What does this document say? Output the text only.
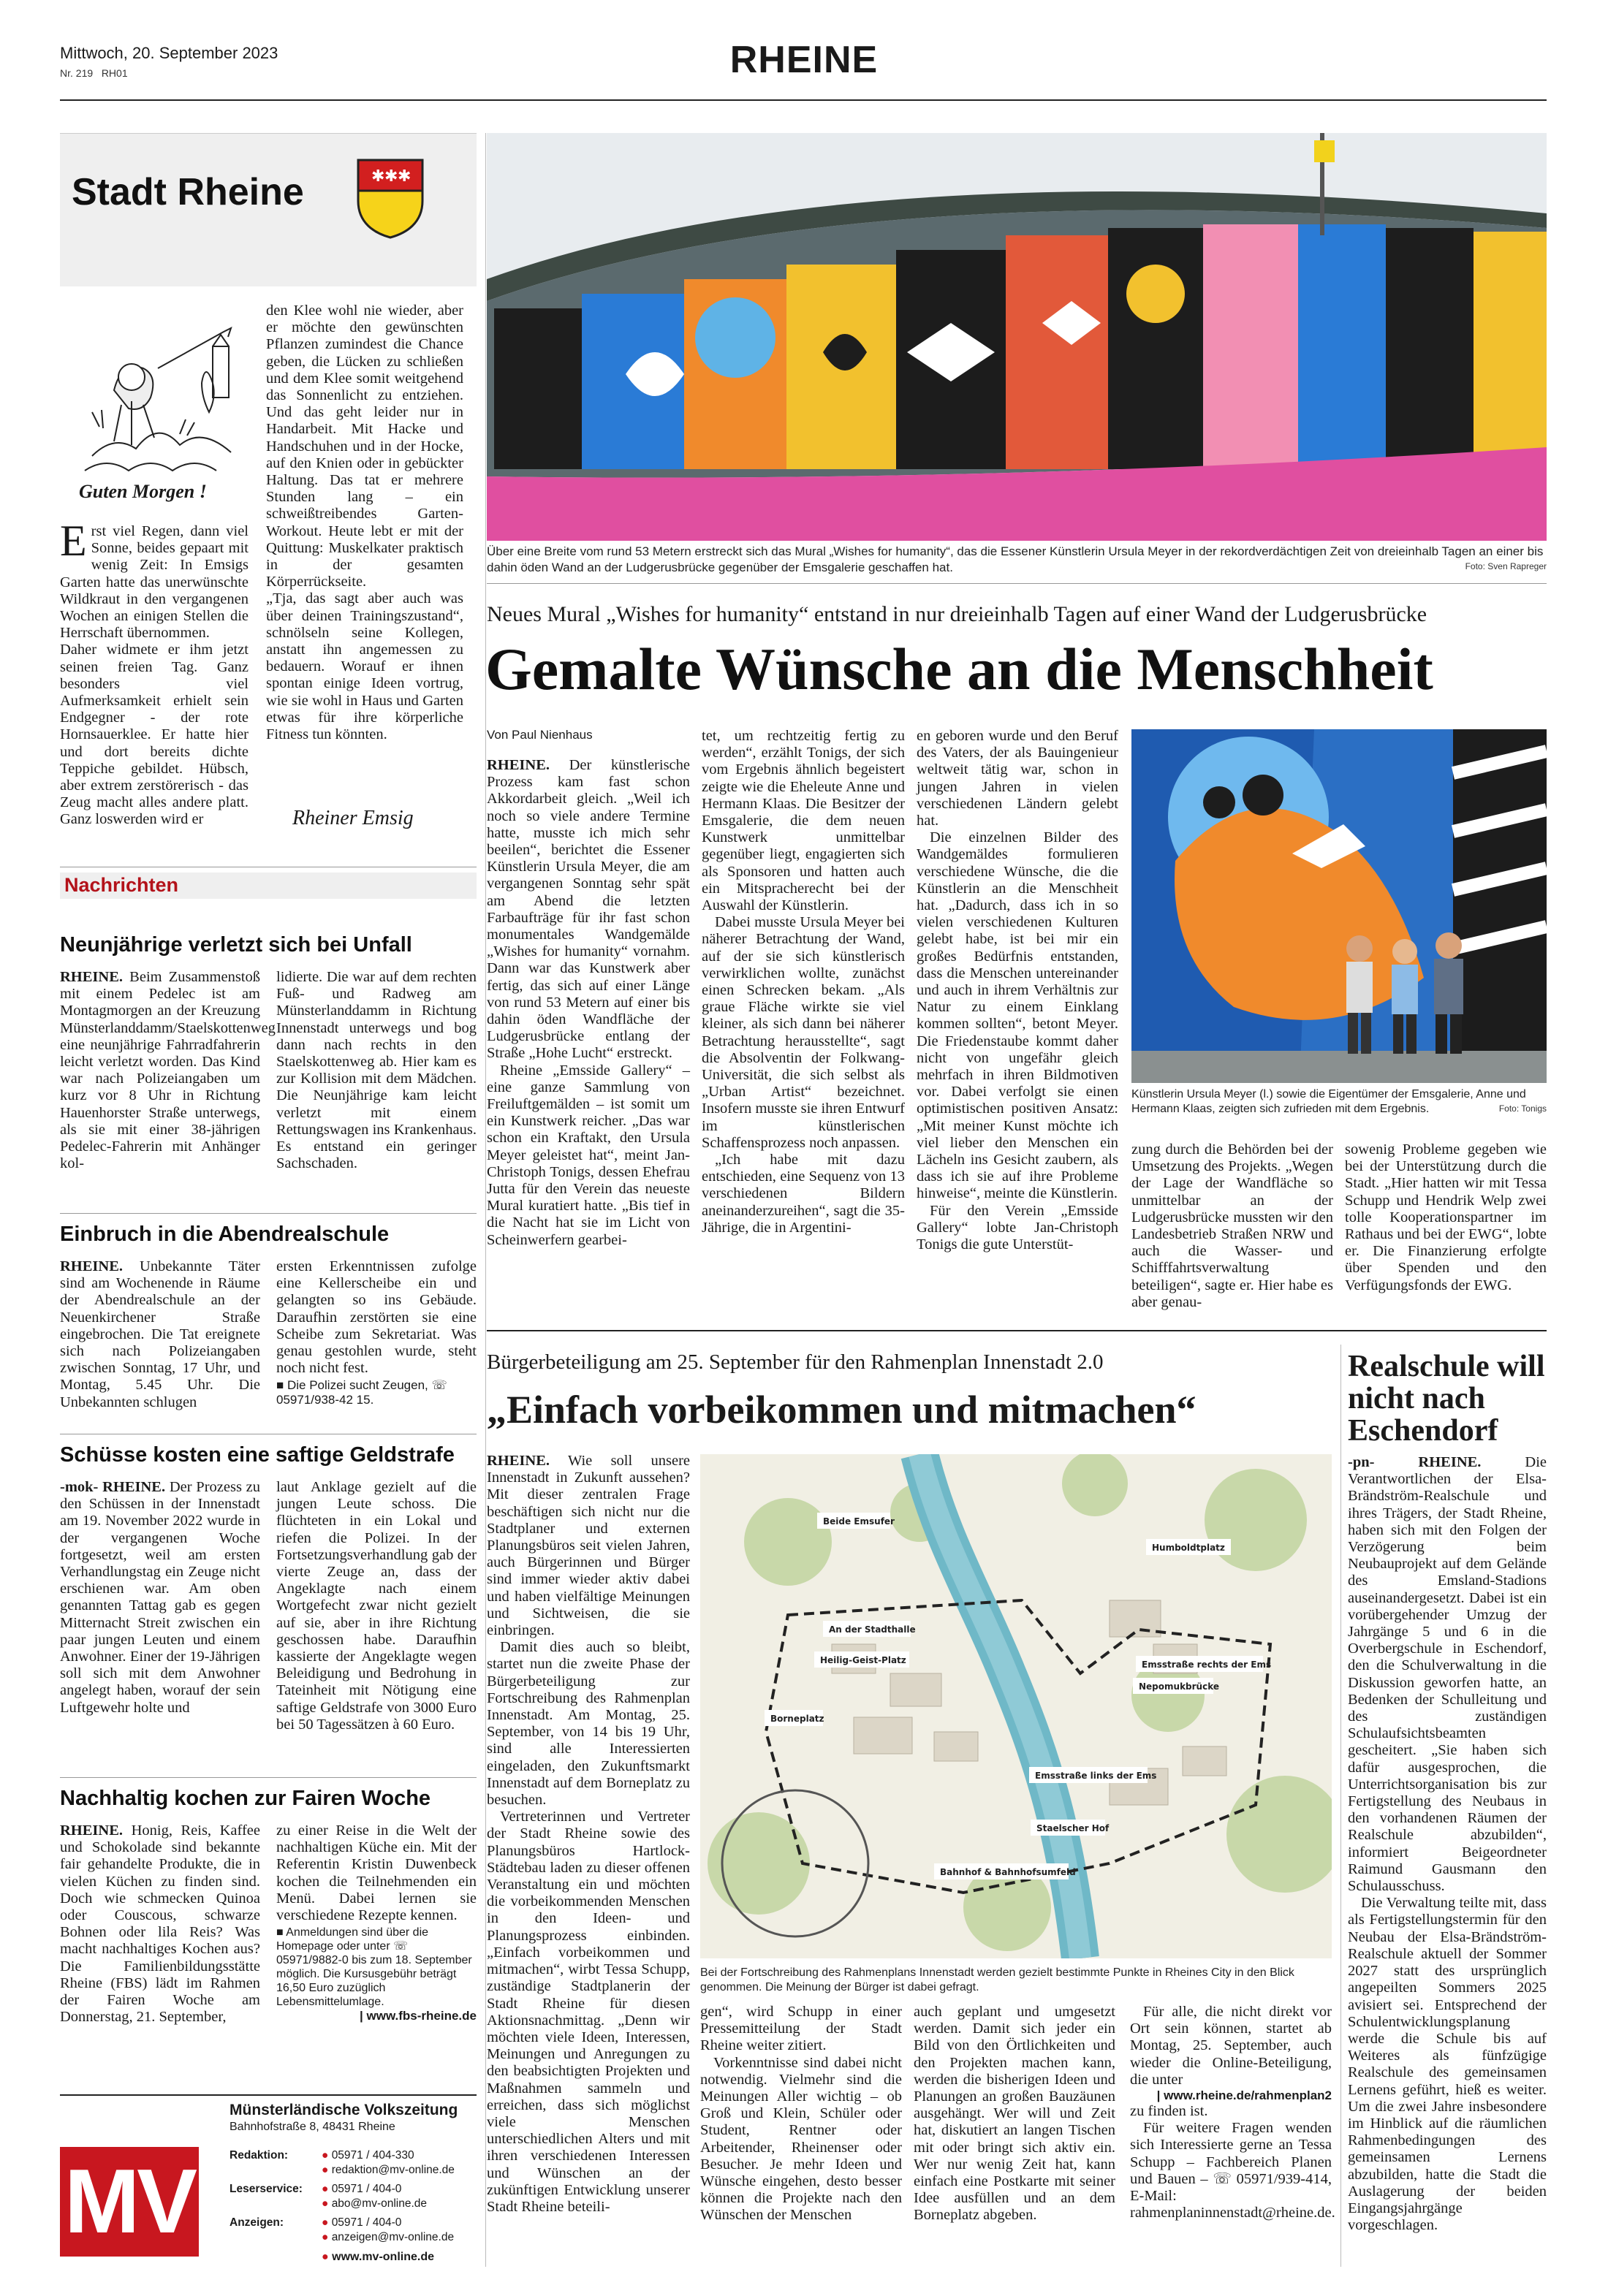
Mittwoch, 20. September 2023
Nr. 219 RH01	RHEINE
Stadt Rheine	✱ ✱ ✱
Guten Morgen !

Erst viel Regen, dann viel Sonne, beides gepaart mit wenig Zeit: In Emsigs Garten hatte das unerwünschte Wildkraut in den vergangenen Wochen an einigen Stellen die Herrschaft übernommen.

Daher widmete er ihm jetzt seinen freien Tag. Ganz besonders viel Aufmerksamkeit erhielt sein Endgegner - der rote Hornsauerklee. Er hatte hier und dort bereits dichte Teppiche gebildet. Hübsch, aber extrem zerstörerisch - das Zeug macht alles andere platt. Ganz loswerden wird er

den Klee wohl nie wieder, aber er möchte den gewünschten Pflanzen zumindest die Chance geben, die Lücken zu schließen und dem Klee somit weitgehend das Sonnenlicht zu entziehen. Und das geht leider nur in Handarbeit. Mit Hacke und Handschuhen und in der Hocke, auf den Knien oder in gebückter Haltung. Das tat er mehrere Stunden lang – ein schweißtreibendes Garten-Workout. Heute lebt er mit der Quittung: Muskelkater praktisch in der gesamten Körperrückseite.

„Tja, das sagt aber auch was über deinen Trainingszustand“, schnölseln seine Kollegen, anstatt ihn angemessen zu bedauern. Worauf er ihnen spontan einige Ideen vortrug, wie sie wohl in Haus und Garten etwas für ihre körperliche Fitness tun könnten.

Rheiner Emsig
Nachrichten
Neunjährige verletzt sich bei Unfall

RHEINE. Beim Zusammenstoß mit einem Pedelec ist am Montagmorgen an der Kreuzung Münsterlanddamm/Staelskottenweg eine neunjährige Fahrradfahrerin leicht verletzt worden. Das Kind war nach Polizeiangaben um kurz vor 8 Uhr in Richtung Hauenhorster Straße unterwegs, als sie mit einer 38-jährigen Pedelec-Fahrerin mit Anhänger kol-

lidierte. Die war auf dem rechten Fuß- und Radweg am Münsterlanddamm in Richtung Innenstadt unterwegs und bog dann nach rechts in den Staelskottenweg ab. Hier kam es zur Kollision mit dem Mädchen. Die Neunjährige kam leicht verletzt mit einem Rettungswagen ins Krankenhaus. Es entstand ein geringer Sachschaden.

Einbruch in die Abendrealschule

RHEINE. Unbekannte Täter sind am Wochenende in Räume der Abendrealschule an der Neuenkirchener Straße eingebrochen. Die Tat ereignete sich nach Polizeiangaben zwischen Sonntag, 17 Uhr, und Montag, 5.45 Uhr. Die Unbekannten schlugen

ersten Erkenntnissen zufolge eine Kellerscheibe ein und gelangten so ins Gebäude. Daraufhin zerstörten sie eine Scheibe zum Sekretariat. Was genau gestohlen wurde, steht noch nicht fest.

■ Die Polizei sucht Zeugen, ☏ 05971/938-42 15.
Schüsse kosten eine saftige Geldstrafe

-mok- RHEINE. Der Prozess zu den Schüssen in der Innenstadt am 19. November 2022 wurde in der vergangenen Woche fortgesetzt, weil am ersten Verhandlungstag ein Zeuge nicht erschienen war. Am oben genannten Tattag gab es gegen Mitternacht Streit zwischen ein paar jungen Leuten und einem Anwohner. Einer der 19-Jährigen soll sich mit dem Anwohner angelegt haben, worauf der sein Luftgewehr holte und

laut Anklage gezielt auf die jungen Leute schoss. Die flüchteten in ein Lokal und riefen die Polizei. In der Fortsetzungsverhandlung gab der vierte Zeuge an, dass der Angeklagte nach einem Wortgefecht zwar nicht gezielt auf sie, aber in ihre Richtung geschossen habe. Daraufhin kassierte der Angeklagte wegen Beleidigung und Bedrohung in Tateinheit mit Nötigung eine saftige Geldstrafe von 3000 Euro bei 50 Tagessätzen à 60 Euro.

Nachhaltig kochen zur Fairen Woche

RHEINE. Honig, Reis, Kaffee und Schokolade sind bekannte fair gehandelte Produkte, die in vielen Küchen zu finden sind. Doch wie schmecken Quinoa oder Couscous, schwarze Bohnen oder lila Reis? Was macht nachhaltiges Kochen aus? Die Familienbildungsstätte Rheine (FBS) lädt im Rahmen der Fairen Woche am Donnerstag, 21. September,

zu einer Reise in die Welt der nachhaltigen Küche ein. Mit der Referentin Kristin Duwenbeck kochen die Teilnehmenden ein Menü. Dabei lernen sie verschiedene Rezepte kennen.

■ Anmeldungen sind über die Homepage oder unter ☏ 05971/9882-0 bis zum 18. September möglich. Die Kursusgebühr beträgt 16,50 Euro zuzüglich Lebensmittelumlage.
| www.fbs-rheine.de
MV
Münsterländische Volkszeitung
Bahnhofstraße 8, 48431 Rheine
Redaktion:	● 05971 / 404-330
● redaktion@mv-online.de
Leserservice: ● 05971 / 404-0
● abo@mv-online.de
Anzeigen:	● 05971 / 404-0
● anzeigen@mv-online.de
● www.mv-online.de
Über eine Breite vom rund 53 Metern erstreckt sich das Mural „Wishes for humanity“, das die Essener Künstlerin Ursula Meyer in der rekordverdächtigen Zeit von dreieinhalb Tagen an einer bis dahin öden Wand an der Ludgerusbrücke gegenüber der Emsgalerie geschaffen hat.	Foto: Sven Rapreger
Neues Mural „Wishes for humanity“ entstand in nur dreieinhalb Tagen auf einer Wand der Ludgerusbrücke
Gemalte Wünsche an die Menschheit
Von Paul Nienhaus

RHEINE. Der künstlerische Prozess kam fast schon Akkordarbeit gleich. „Weil ich noch so viele andere Termine hatte, musste ich mich sehr beeilen“, berichtet die Essener Künstlerin Ursula Meyer, die am vergangenen Sonntag sehr spät am Abend die letzten Farbaufträge für ihr fast schon monumentales Wandgemälde „Wishes for humanity“ vornahm. Dann war das Kunstwerk aber fertig, das sich auf einer Länge von rund 53 Metern auf einer bis dahin öden Wandfläche der Ludgerusbrücke entlang der Straße „Hohe Lucht“ erstreckt.

Rheine „Emsside Gallery“ – eine ganze Sammlung von Freiluftgemälden – ist somit um ein Kunstwerk reicher. „Das war schon ein Kraftakt, den Ursula Meyer geleistet hat“, meint Jan-Christoph Tonigs, dessen Ehefrau Jutta für den Verein das neueste Mural kuratiert hatte. „Bis tief in die Nacht hat sie im Licht von Scheinwerfern gearbei-

tet, um rechtzeitig fertig zu werden“, erzählt Tonigs, der sich vom Ergebnis ähnlich begeistert zeigte wie die Eheleute Anne und Hermann Klaas. Die Besitzer der Emsgalerie, die dem neuen Kunstwerk unmittelbar gegenüber liegt, engagierten sich als Sponsoren und hatten auch ein Mitspracherecht bei der Auswahl der Künstlerin.

Dabei musste Ursula Meyer bei näherer Betrachtung der Wand, auf der sie sich künstlerisch verwirklichen wollte, zunächst einen Schrecken bekam. „Als graue Fläche wirkte sie viel kleiner, als sich dann bei näherer Betrachtung herausstellte“, sagt die Absolventin der Folkwang-Universität, die sich selbst als „Urban Artist“ bezeichnet. Insofern musste sie ihren Entwurf im künstlerischen Schaffensprozess noch anpassen.

„Ich habe mit dazu entschieden, eine Sequenz von 13 verschiedenen Bildern aneinanderzureihen“, sagt die 35-Jährige, die in Argentini-

en geboren wurde und den Beruf des Vaters, der als Bauingenieur weltweit tätig war, schon in jungen Jahren in vielen verschiedenen Ländern gelebt hat.

Die einzelnen Bilder des Wandgemäldes formulieren verschiedene Wünsche, die die Künstlerin an die Menschheit hat. „Dadurch, dass ich in so vielen verschiedenen Kulturen gelebt habe, ist bei mir ein großes Bedürfnis entstanden, dass die Menschen untereinander und auch in ihrem Verhältnis zur Natur zu einem Einklang kommen sollten“, betont Meyer. Die Friedenstaube kommt daher nicht von ungefähr gleich mehrfach in ihren Bildmotiven vor. Dabei verfolgt sie einen optimistischen positiven Ansatz: „Mit meiner Kunst möchte ich viel lieber den Menschen ein Lächeln ins Gesicht zaubern, als dass ich sie auf ihre Probleme hinweise“, meinte die Künstlerin.

Für den Verein „Emsside Gallery“ lobte Jan-Christoph Tonigs die gute Unterstüt-

Künstlerin Ursula Meyer (l.) sowie die Eigentümer der Emsgalerie, Anne und Hermann Klaas, zeigten sich zufrieden mit dem Ergebnis.	Foto: Tonigs

zung durch die Behörden bei der Umsetzung des Projekts. „Wegen der Lage der Wandfläche so unmittelbar an der Ludgerusbrücke mussten wir den Landesbetrieb Straßen NRW und auch die Wasser- und Schifffahrtsverwaltung beteiligen“, sagte er. Hier habe es aber genau-

sowenig Probleme gegeben wie bei der Unterstützung durch die Stadt. „Hier hatten wir mit Tessa Schupp und Hendrik Welp zwei tolle Kooperationspartner im Rathaus und bei der EWG“, lobte er. Die Finanzierung erfolgte über Spenden und den Verfügungsfonds der EWG.

Bürgerbeteiligung am 25. September für den Rahmenplan Innenstadt 2.0
„Einfach vorbeikommen und mitmachen“

RHEINE. Wie soll unsere Innenstadt in Zukunft aussehen? Mit dieser zentralen Frage beschäftigen sich nicht nur die Stadtplaner und externen Planungsbüros seit vielen Jahren, auch Bürgerinnen und Bürger sind immer wieder aktiv dabei und haben vielfältige Meinungen und Sichtweisen, die sie einbringen.

Damit dies auch so bleibt, startet nun die zweite Phase der Bürgerbeteiligung zur Fortschreibung des Rahmenplan Innenstadt. Am Montag, 25. September, von 14 bis 19 Uhr, sind alle Interessierten eingeladen, den Zukunftsmarkt Innenstadt auf dem Borneplatz zu besuchen.

Vertreterinnen und Vertreter der Stadt Rheine sowie des Planungsbüros Hartlock-Städtebau laden zu dieser offenen Veranstaltung ein und möchten die vorbeikommenden Menschen in den Ideen- und Planungsprozess einbinden. „Einfach vorbeikommen und mitmachen“, wirbt Tessa Schupp, zuständige Stadtplanerin der Stadt Rheine für diesen Aktionsnachmittag. „Denn wir möchten viele Ideen, Interessen, Meinungen und Anregungen zu den beabsichtigten Projekten und Maßnahmen sammeln und erreichen, dass sich möglichst viele Menschen unterschiedlichen Alters und mit ihren verschiedenen Interessen und Wünschen an der zukünftigen Entwicklung unserer Stadt Rheine beteili-

Beide Emsufer
An der Stadthalle
Heilig-Geist-Platz
Borneplatz
Emsstraße rechts der Ems
Nepomukbrücke
Humboldtplatz
Emsstraße links der Ems
Staelscher Hof
Bahnhof & Bahnhofsumfeld
Bei der Fortschreibung des Rahmenplans Innenstadt werden gezielt bestimmte Punkte in Rheines City in den Blick genommen. Die Meinung der Bürger ist dabei gefragt.

gen“, wird Schupp in einer Pressemitteilung der Stadt Rheine weiter zitiert.

Vorkenntnisse sind dabei nicht notwendig. Vielmehr sind die Meinungen Aller wichtig – ob Groß und Klein, Schüler oder Student, Rentner oder Arbeitender, Rheinenser oder Besucher. Je mehr Ideen und Wünsche eingehen, desto besser können die Projekte nach den Wünschen der Menschen

auch geplant und umgesetzt werden. Damit sich jeder ein Bild von den Örtlichkeiten und den Projekten machen kann, werden die bisherigen Ideen und Planungen an großen Bauzäunen ausgehängt. Wer will und Zeit hat, diskutiert an langen Tischen mit oder bringt sich aktiv ein. Wer nur wenig Zeit hat, kann einfach eine Postkarte mit seiner Idee ausfüllen und an dem Borneplatz abgeben.

Für alle, die nicht direkt vor Ort sein können, startet ab Montag, 25. September, auch wieder die Online-Beteiligung, die unter

| www.rheine.de/rahmenplan2

zu finden ist.

Für weitere Fragen wenden sich Interessierte gerne an Tessa Schupp – Fachbereich Planen und Bauen – ☏ 05971/939-414, E-Mail: rahmenplaninnenstadt@rheine.de.

Realschule will nicht nach Eschendorf

-pn- RHEINE.	Die Verantwortlichen der Elsa-Brändström-Realschule und ihres Trägers, der Stadt Rheine, haben sich mit den Folgen der Verzögerung beim Neubauprojekt auf dem Gelände des Emsland-Stadions auseinandergesetzt. Dabei ist ein vorübergehender Umzug der Jahrgänge 5 und 6 in die Overbergschule in Eschendorf, den die Schulverwaltung in die Diskussion geworfen hatte, an Bedenken der Schulleitung und des zuständigen Schulaufsichtsbeamten gescheitert. „Sie haben sich dafür ausgesprochen, die Unterrichtsorganisation bis zur Fertigstellung des Neubaus in den vorhandenen Räumen der Realschule abzubilden“, informiert Beigeordneter Raimund Gausmann den Schulausschuss.

Die Verwaltung teilte mit, dass als Fertigstellungstermin für den Neubau der Elsa-Brändström-Realschule aktuell der Sommer 2027 statt des ursprünglich angepeilten Sommers 2025 avisiert sei. Entsprechend der Schulentwicklungsplanung werde die Schule bis auf Weiteres als fünfzügige Realschule des gemeinsamen Lernens geführt, hieß es weiter. Um die zwei Jahre insbesondere im Hinblick auf die räumlichen Rahmenbedingungen des gemeinsamen Lernens abzubilden, hatte die Stadt die Auslagerung der beiden Eingangsjahrgänge vorgeschlagen.
